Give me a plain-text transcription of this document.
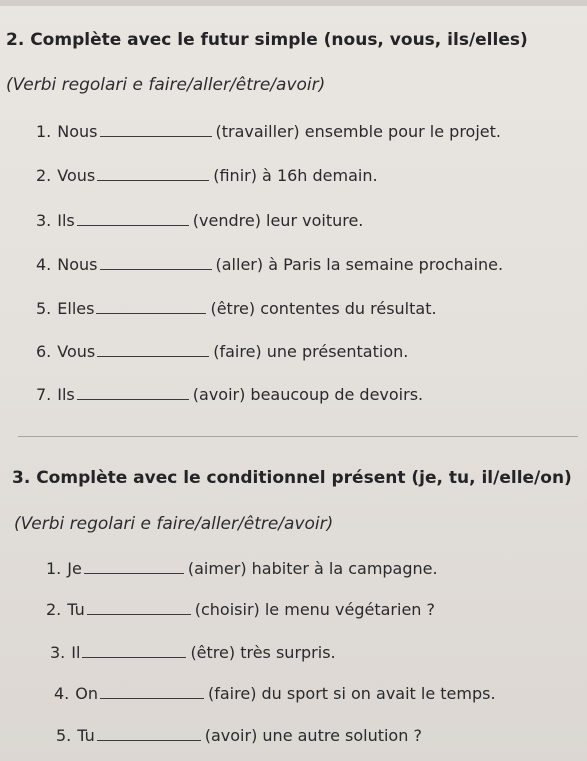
2. Complète avec le futur simple (nous, vous, ils/elles)
(Verbi regolari e faire/aller/être/avoir)
1. Nous	(travailler) ensemble pour le projet.
2. Vous	(finir) à 16h demain.
3. Ils	(vendre) leur voiture.
4. Nous	(aller) à Paris la semaine prochaine.
5. Elles	(être) contentes du résultat.
6. Vous	(faire) une présentation.
7. Ils	(avoir) beaucoup de devoirs.
3. Complète avec le conditionnel présent (je, tu, il/elle/on)
(Verbi regolari e faire/aller/être/avoir)
1. Je	(aimer) habiter à la campagne.
2. Tu	(choisir) le menu végétarien ?
3. Il	(être) très surpris.
4. On	(faire) du sport si on avait le temps.
5. Tu	(avoir) une autre solution ?
